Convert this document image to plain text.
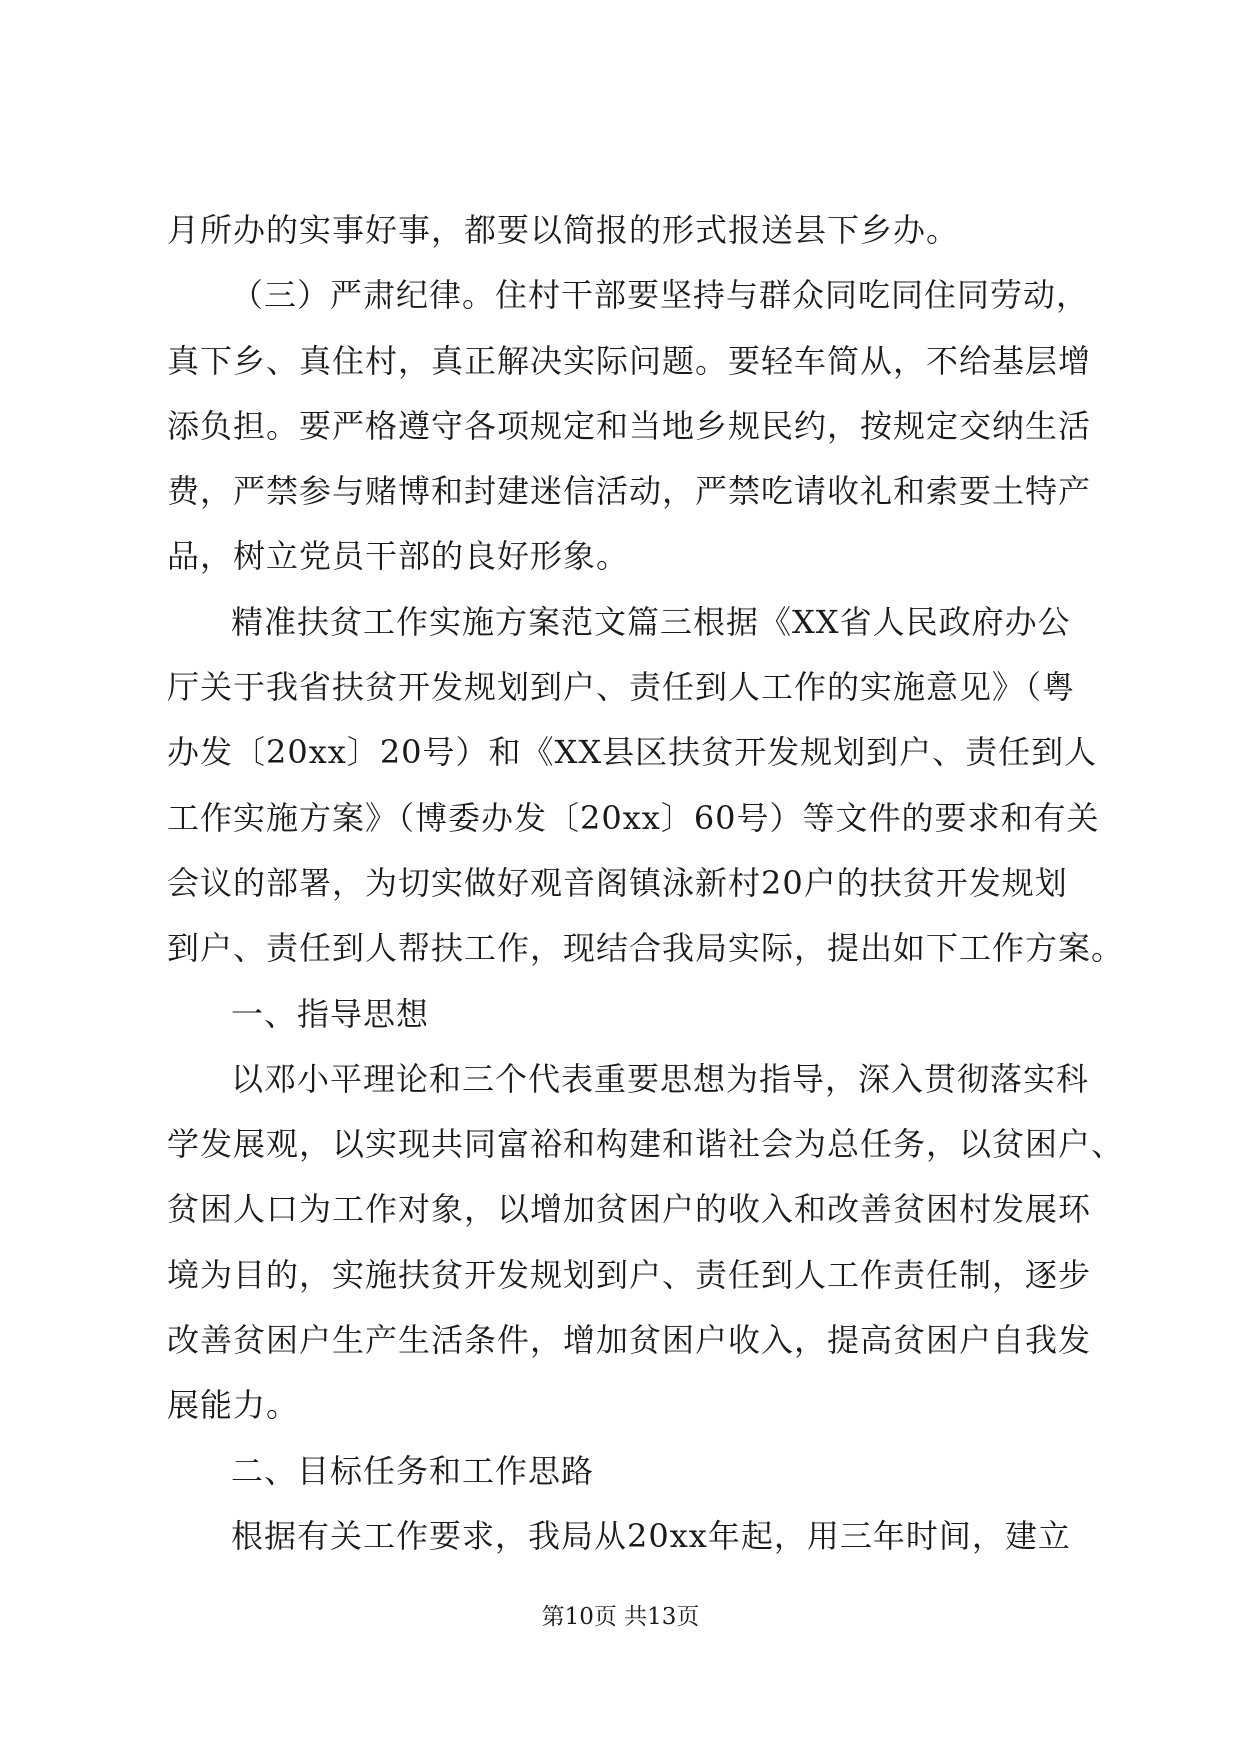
月所办的实事好事，都要以简报的形式报送县下乡办。
（三）严肃纪律。住村干部要坚持与群众同吃同住同劳动，
真下乡、真住村，真正解决实际问题。要轻车简从，不给基层增
添负担。要严格遵守各项规定和当地乡规民约，按规定交纳生活
费，严禁参与赌博和封建迷信活动，严禁吃请收礼和索要土特产
品，树立党员干部的良好形象。
精准扶贫工作实施方案范文篇三根据《XX省人民政府办公
厅关于我省扶贫开发规划到户、责任到人工作的实施意见》（粤
办发〔20xx〕20号）和《XX县区扶贫开发规划到户、责任到人
工作实施方案》（博委办发〔20xx〕60号）等文件的要求和有关
会议的部署，为切实做好观音阁镇泳新村20户的扶贫开发规划
到户、责任到人帮扶工作，现结合我局实际，提出如下工作方案。
一、指导思想
以邓小平理论和三个代表重要思想为指导，深入贯彻落实科
学发展观，以实现共同富裕和构建和谐社会为总任务，以贫困户、
贫困人口为工作对象，以增加贫困户的收入和改善贫困村发展环
境为目的，实施扶贫开发规划到户、责任到人工作责任制，逐步
改善贫困户生产生活条件，增加贫困户收入，提高贫困户自我发
展能力。
二、目标任务和工作思路
根据有关工作要求，我局从20xx年起，用三年时间，建立
第10页 共13页
